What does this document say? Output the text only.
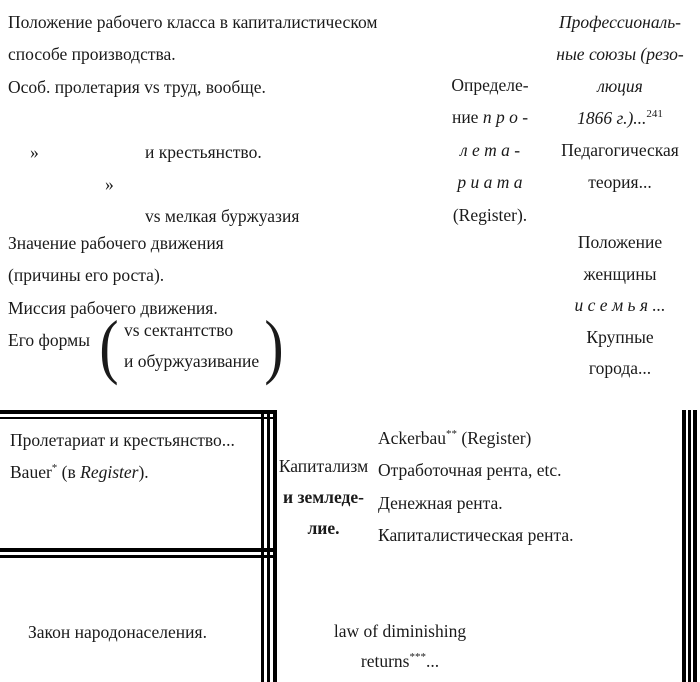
Положение рабочего класса в капиталистическом
способе производства.
Особ. пролетария vs труд, вообще.

»

»

vs мелкая буржуазия

и крестьянство.
Определе-
ние п р о -
л е т а -
р и а т а
(Register).
Профессиональ-
ные союзы (резо-
люция
1866 г.)...$^{241}$
Педагогическая
теория...
Значение рабочего движения
(причины его роста).
Миссия рабочего движения.
Его формы ( vs сектантство
и обуржуазивание )
Положение
женщины
и с е м ь я ...
Крупные
города...
Пролетариат и крестьянство...
Bauer* (в Register).	Капитализм
и земледе-
лие.
Ackerbau** (Register)
Отработочная рента, etc.
Денежная рента.
Капиталистическая рента.
Закон народонаселения.	law of diminishing
returns***...
